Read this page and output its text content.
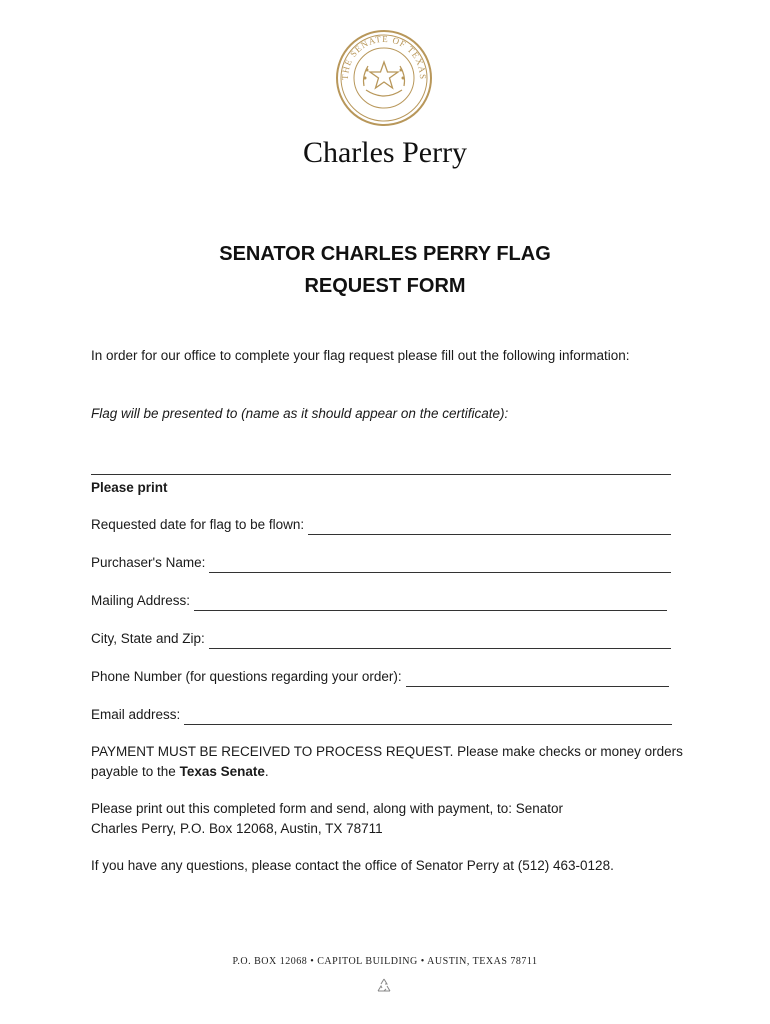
THE SENATE OF TEXAS
Charles Perry
SENATOR CHARLES PERRY FLAG
REQUEST FORM

In order for our office to complete your flag request please fill out the following information:

Flag will be presented to (name as it should appear on the certificate):

Please print

Requested date for flag to be flown:
Purchaser's Name:
Mailing Address:
City, State and Zip:
Phone Number (for questions regarding your order):
Email address:

PAYMENT MUST BE RECEIVED TO PROCESS REQUEST. Please make checks or money orders
payable to the Texas Senate.

Please print out this completed form and send, along with payment, to: Senator
Charles Perry, P.O. Box 12068, Austin, TX 78711

If you have any questions, please contact the office of Senator Perry at (512) 463-0128.

P.O. BOX 12068 • CAPITOL BUILDING • AUSTIN, TEXAS 78711
